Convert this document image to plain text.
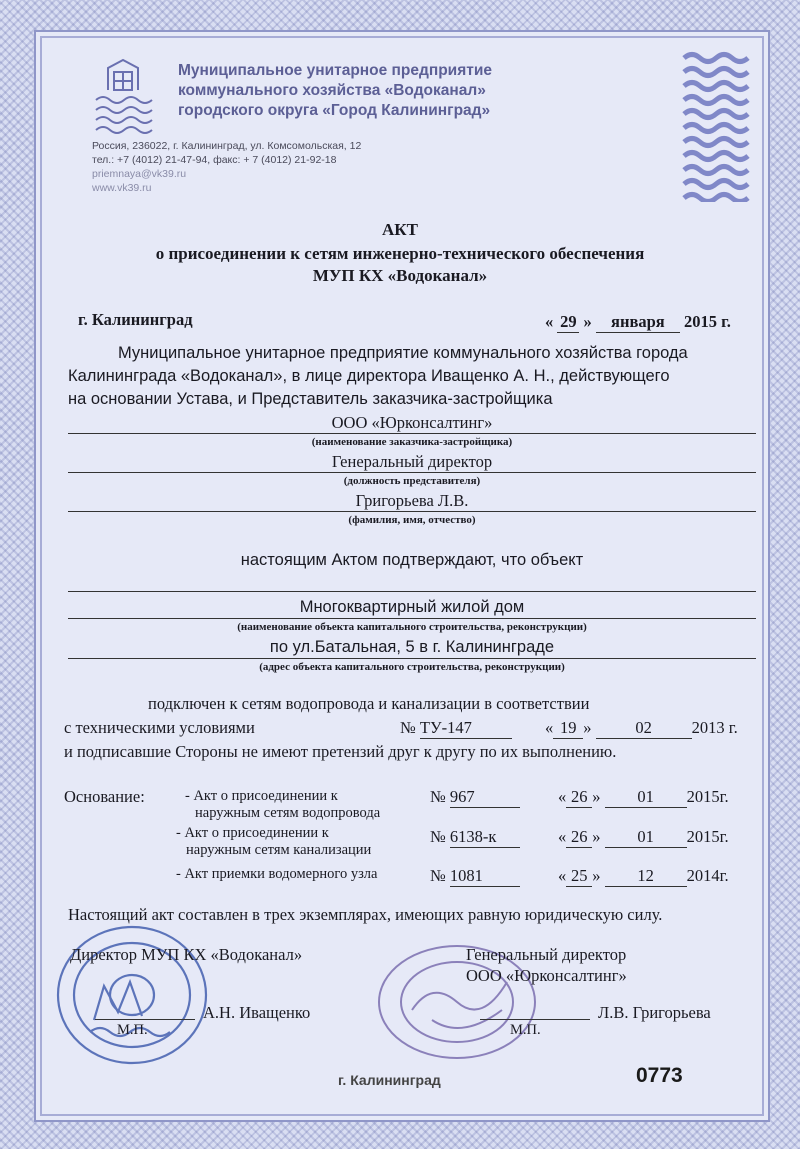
Муниципальное унитарное предприятие
коммунального хозяйства «Водоканал»
городского округа «Город Калининград»
Россия, 236022, г. Калининград, ул. Комсомольская, 12
тел.: +7 (4012) 21-47-94, факс: + 7 (4012) 21-92-18
priemnaya@vk39.ru
www.vk39.ru
АКТ
о присоединении к сетям инженерно-технического обеспечения
МУП КХ «Водоканал»
г. Калининград	« 29 » января 2015 г.
Муниципальное унитарное предприятие коммунального хозяйства города
Калининграда «Водоканал», в лице директора Иващенко А. Н., действующего
на основании Устава, и Представитель заказчика-застройщика
ООО «Юрконсалтинг»
(наименование заказчика-застройщика)
Генеральный директор
(должность представителя)
Григорьева Л.В.
(фамилия, имя, отчество)
настоящим Актом подтверждают, что объект
Многоквартирный жилой дом
(наименование объекта капитального строительства, реконструкции)
по ул.Батальная, 5 в г. Калининграде
(адрес объекта капитального строительства, реконструкции)
подключен к сетям водопровода и канализации в соответствии
с техническими условиями	№ ТУ-147	« 19 » 02 2013 г.
и подписавшие Стороны не имеют претензий друг к другу по их выполнению.
Основание:	- Акт о присоединении к
наружным сетям водопровода
№ 967	« 26 » 01 2015г.
- Акт о присоединении к
наружным сетям канализации
№ 6138-к	« 26 » 01 2015г.
- Акт приемки водомерного узла	№ 1081	« 25 » 12 2014г.
Настоящий акт составлен в трех экземплярах, имеющих равную юридическую силу.
Директор МУП КХ «Водоканал»
А.Н. Иващенко
М.П.
Генеральный директор
ООО «Юрконсалтинг»
Л.В. Григорьева
М.П.
г. Калининград	0773
